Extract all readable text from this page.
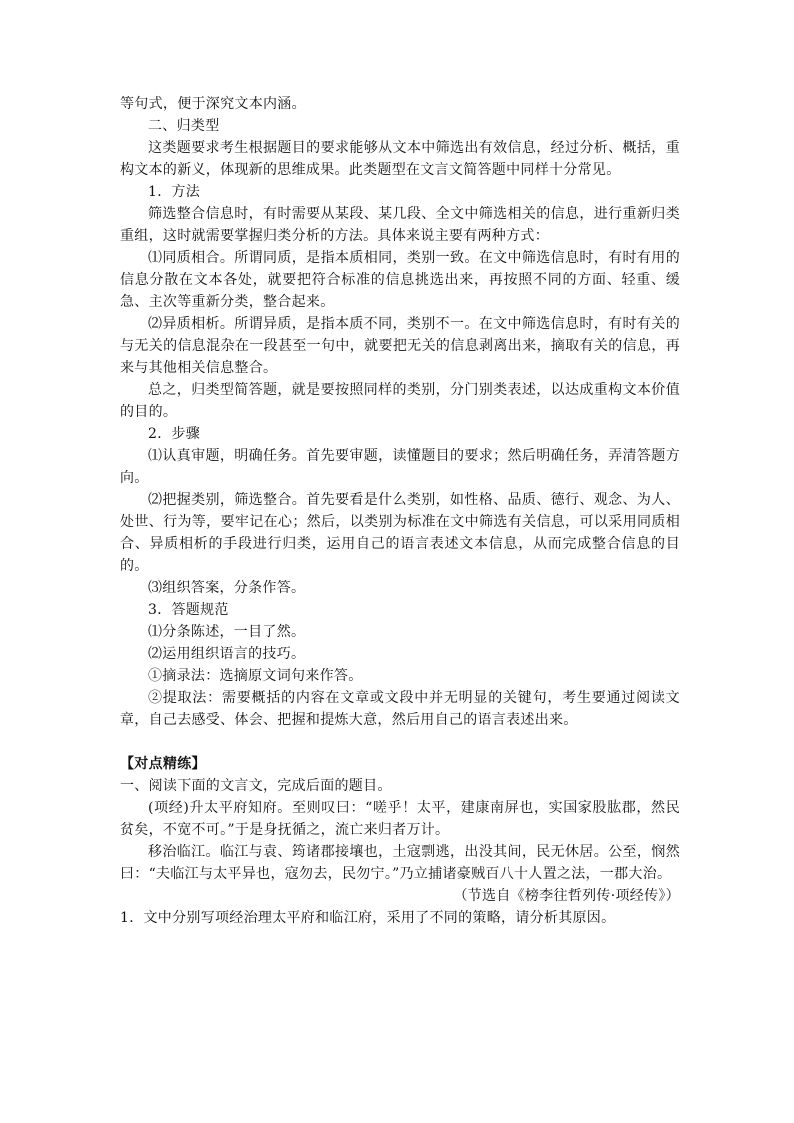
等句式，便于深究文本内涵。
二、归类型
这类题要求考生根据题目的要求能够从文本中筛选出有效信息，经过分析、概括，重构文本的新义，体现新的思维成果。此类题型在文言文简答题中同样十分常见。
1．方法
筛选整合信息时，有时需要从某段、某几段、全文中筛选相关的信息，进行重新归类重组，这时就需要掌握归类分析的方法。具体来说主要有两种方式：
⑴同质相合。所谓同质，是指本质相同，类别一致。在文中筛选信息时，有时有用的信息分散在文本各处，就要把符合标准的信息挑选出来，再按照不同的方面、轻重、缓急、主次等重新分类，整合起来。
⑵异质相析。所谓异质，是指本质不同，类别不一。在文中筛选信息时，有时有关的与无关的信息混杂在一段甚至一句中，就要把无关的信息剥离出来，摘取有关的信息，再来与其他相关信息整合。
总之，归类型简答题，就是要按照同样的类别，分门别类表述，以达成重构文本价值的目的。
2．步骤
⑴认真审题，明确任务。首先要审题，读懂题目的要求；然后明确任务，弄清答题方向。
⑵把握类别，筛选整合。首先要看是什么类别，如性格、品质、德行、观念、为人、处世、行为等，要牢记在心；然后，以类别为标准在文中筛选有关信息，可以采用同质相合、异质相析的手段进行归类，运用自己的语言表述文本信息，从而完成整合信息的目的。
⑶组织答案，分条作答。
3．答题规范
⑴分条陈述，一目了然。
⑵运用组织语言的技巧。
①摘录法：选摘原文词句来作答。
②提取法：需要概括的内容在文章或文段中并无明显的关键句，考生要通过阅读文章，自己去感受、体会、把握和提炼大意，然后用自己的语言表述出来。
【对点精练】
一、阅读下面的文言文，完成后面的题目。
(项经)升太平府知府。至则叹曰：“嗟乎！太平，建康南屏也，实国家股肱郡，然民贫矣，不宽不可。”于是身抚循之，流亡来归者万计。
移治临江。临江与袁、筠诸郡接壤也，土寇剽逃，出没其间，民无休居。公至，悯然曰：“夫临江与太平异也，寇勿去，民勿宁。”乃立捕诸豪贼百八十人置之法，一郡大治。
（节选自《榜李往哲列传·项经传》）
1．文中分别写项经治理太平府和临江府，采用了不同的策略，请分析其原因。
